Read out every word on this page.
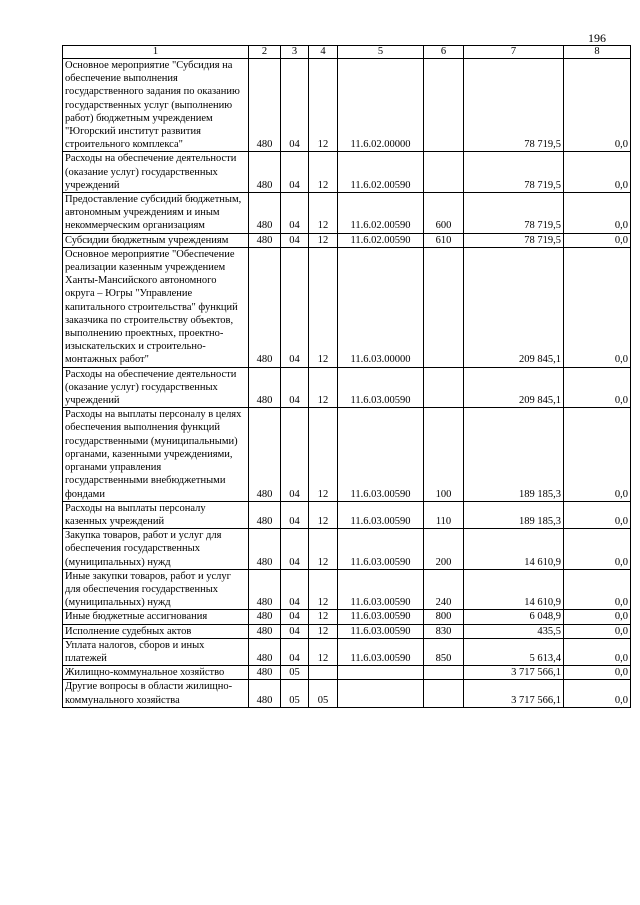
196
1	2	3	4	5	6	7	8
Основное мероприятие "Субсидия на обеспечение выполнения государственного задания по оказанию государственных услуг (выполнению работ) бюджетным учреждением "Югорский институт развития строительного комплекса"	480	04	12	11.6.02.00000		78 719,5	0,0
Расходы на обеспечение деятельности (оказание услуг) государственных учреждений	480	04	12	11.6.02.00590		78 719,5	0,0
Предоставление субсидий бюджетным, автономным учреждениям и иным некоммерческим организациям	480	04	12	11.6.02.00590	600	78 719,5	0,0
Субсидии бюджетным учреждениям	480	04	12	11.6.02.00590	610	78 719,5	0,0
Основное мероприятие "Обеспечение реализации казенным учреждением Ханты-Мансийского автономного округа – Югры "Управление капитального строительства" функций заказчика по строительству объектов, выполнению проектных, проектно-изыскательских и строительно-монтажных работ"	480	04	12	11.6.03.00000		209 845,1	0,0
Расходы на обеспечение деятельности (оказание услуг) государственных учреждений	480	04	12	11.6.03.00590		209 845,1	0,0
Расходы на выплаты персоналу в целях обеспечения выполнения функций государственными (муниципальными) органами, казенными учреждениями, органами управления государственными внебюджетными фондами	480	04	12	11.6.03.00590	100	189 185,3	0,0
Расходы на выплаты персоналу казенных учреждений	480	04	12	11.6.03.00590	110	189 185,3	0,0
Закупка товаров, работ и услуг для обеспечения государственных (муниципальных) нужд	480	04	12	11.6.03.00590	200	14 610,9	0,0
Иные закупки товаров, работ и услуг для обеспечения государственных (муниципальных) нужд	480	04	12	11.6.03.00590	240	14 610,9	0,0
Иные бюджетные ассигнования	480	04	12	11.6.03.00590	800	6 048,9	0,0
Исполнение судебных актов	480	04	12	11.6.03.00590	830	435,5	0,0
Уплата налогов, сборов и иных платежей	480	04	12	11.6.03.00590	850	5 613,4	0,0
Жилищно-коммунальное хозяйство	480	05				3 717 566,1	0,0
Другие вопросы в области жилищно-коммунального хозяйства	480	05	05			3 717 566,1	0,0
